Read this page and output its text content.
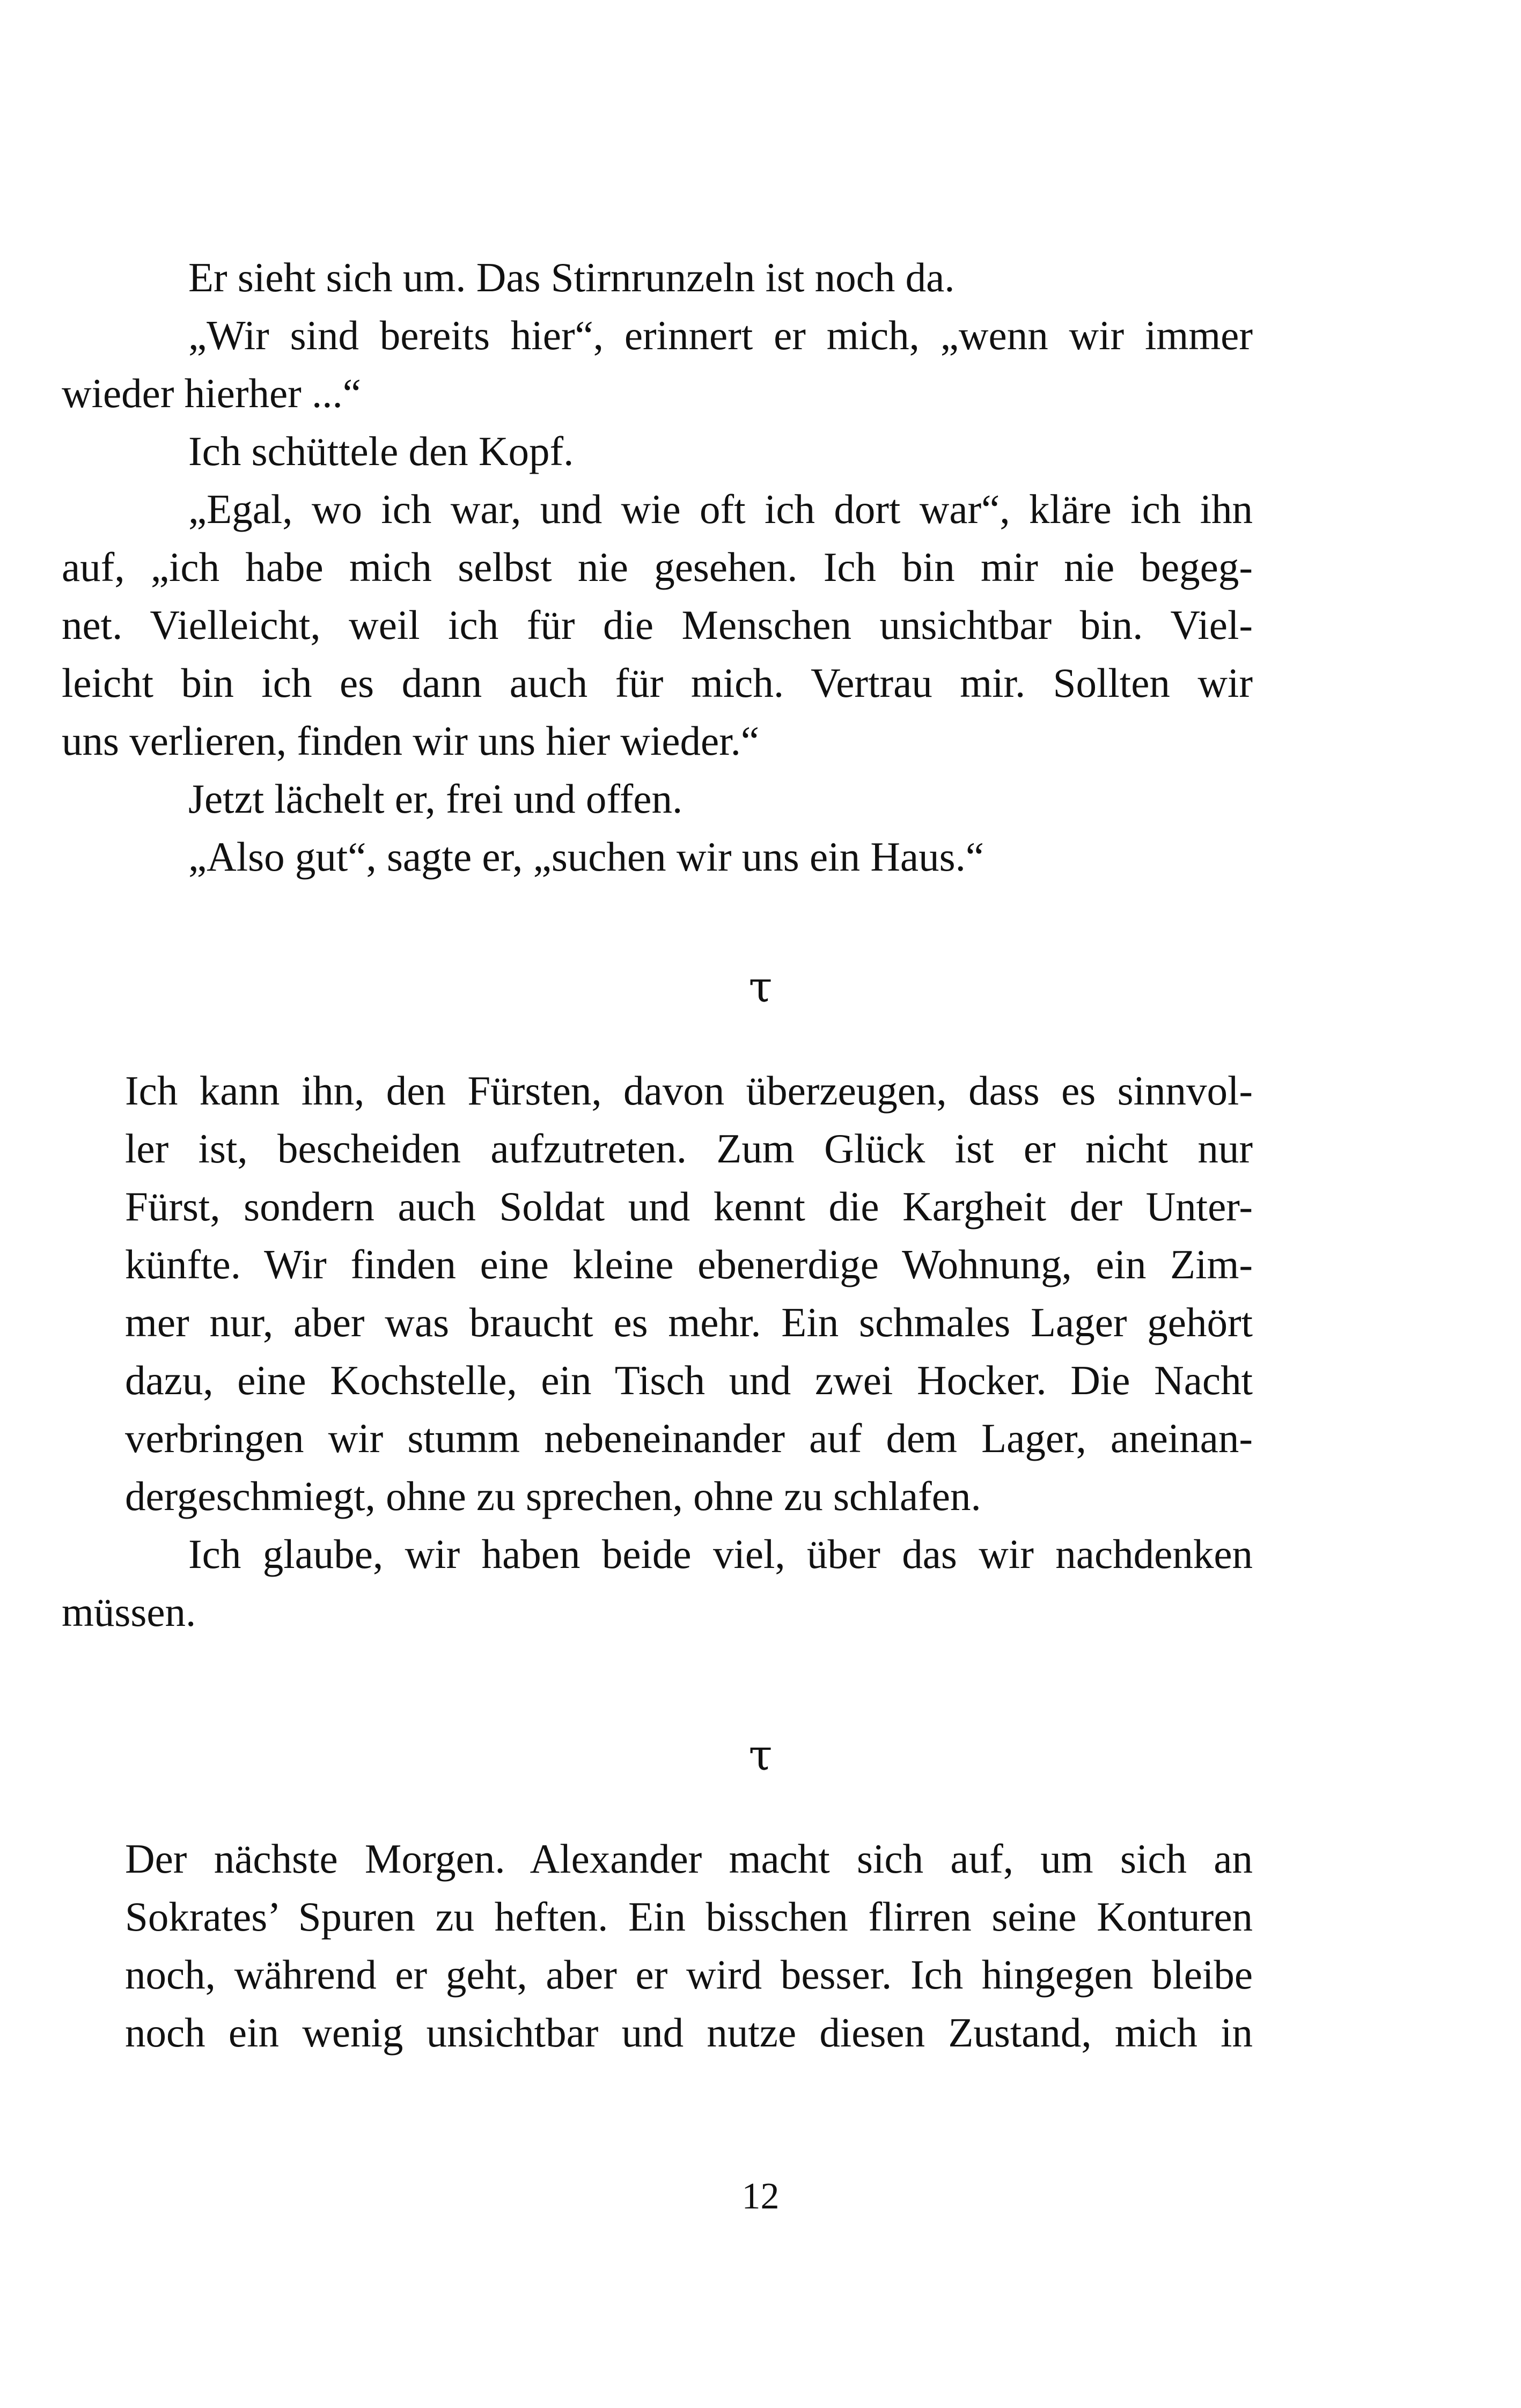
Er sieht sich um. Das Stirnrunzeln ist noch da.

„Wir sind bereits hier“, erinnert er mich, „wenn wir immer
wieder hierher ...“

Ich schüttele den Kopf.

„Egal, wo ich war, und wie oft ich dort war“, kläre ich ihn
auf, „ich habe mich selbst nie gesehen. Ich bin mir nie begeg-
net. Vielleicht, weil ich für die Menschen unsichtbar bin. Viel-
leicht bin ich es dann auch für mich. Vertrau mir. Sollten wir
uns verlieren, finden wir uns hier wieder.“

Jetzt lächelt er, frei und offen.

„Also gut“, sagte er, „suchen wir uns ein Haus.“

τ

Ich kann ihn, den Fürsten, davon überzeugen, dass es sinnvol-
ler ist, bescheiden aufzutreten. Zum Glück ist er nicht nur
Fürst, sondern auch Soldat und kennt die Kargheit der Unter-
künfte. Wir finden eine kleine ebenerdige Wohnung, ein Zim-
mer nur, aber was braucht es mehr. Ein schmales Lager gehört
dazu, eine Kochstelle, ein Tisch und zwei Hocker. Die Nacht
verbringen wir stumm nebeneinander auf dem Lager, aneinan-
dergeschmiegt, ohne zu sprechen, ohne zu schlafen.

Ich glaube, wir haben beide viel, über das wir nachdenken
müssen.

τ

Der nächste Morgen. Alexander macht sich auf, um sich an
Sokrates’ Spuren zu heften. Ein bisschen flirren seine Konturen
noch, während er geht, aber er wird besser. Ich hingegen bleibe
noch ein wenig unsichtbar und nutze diesen Zustand, mich in

12
